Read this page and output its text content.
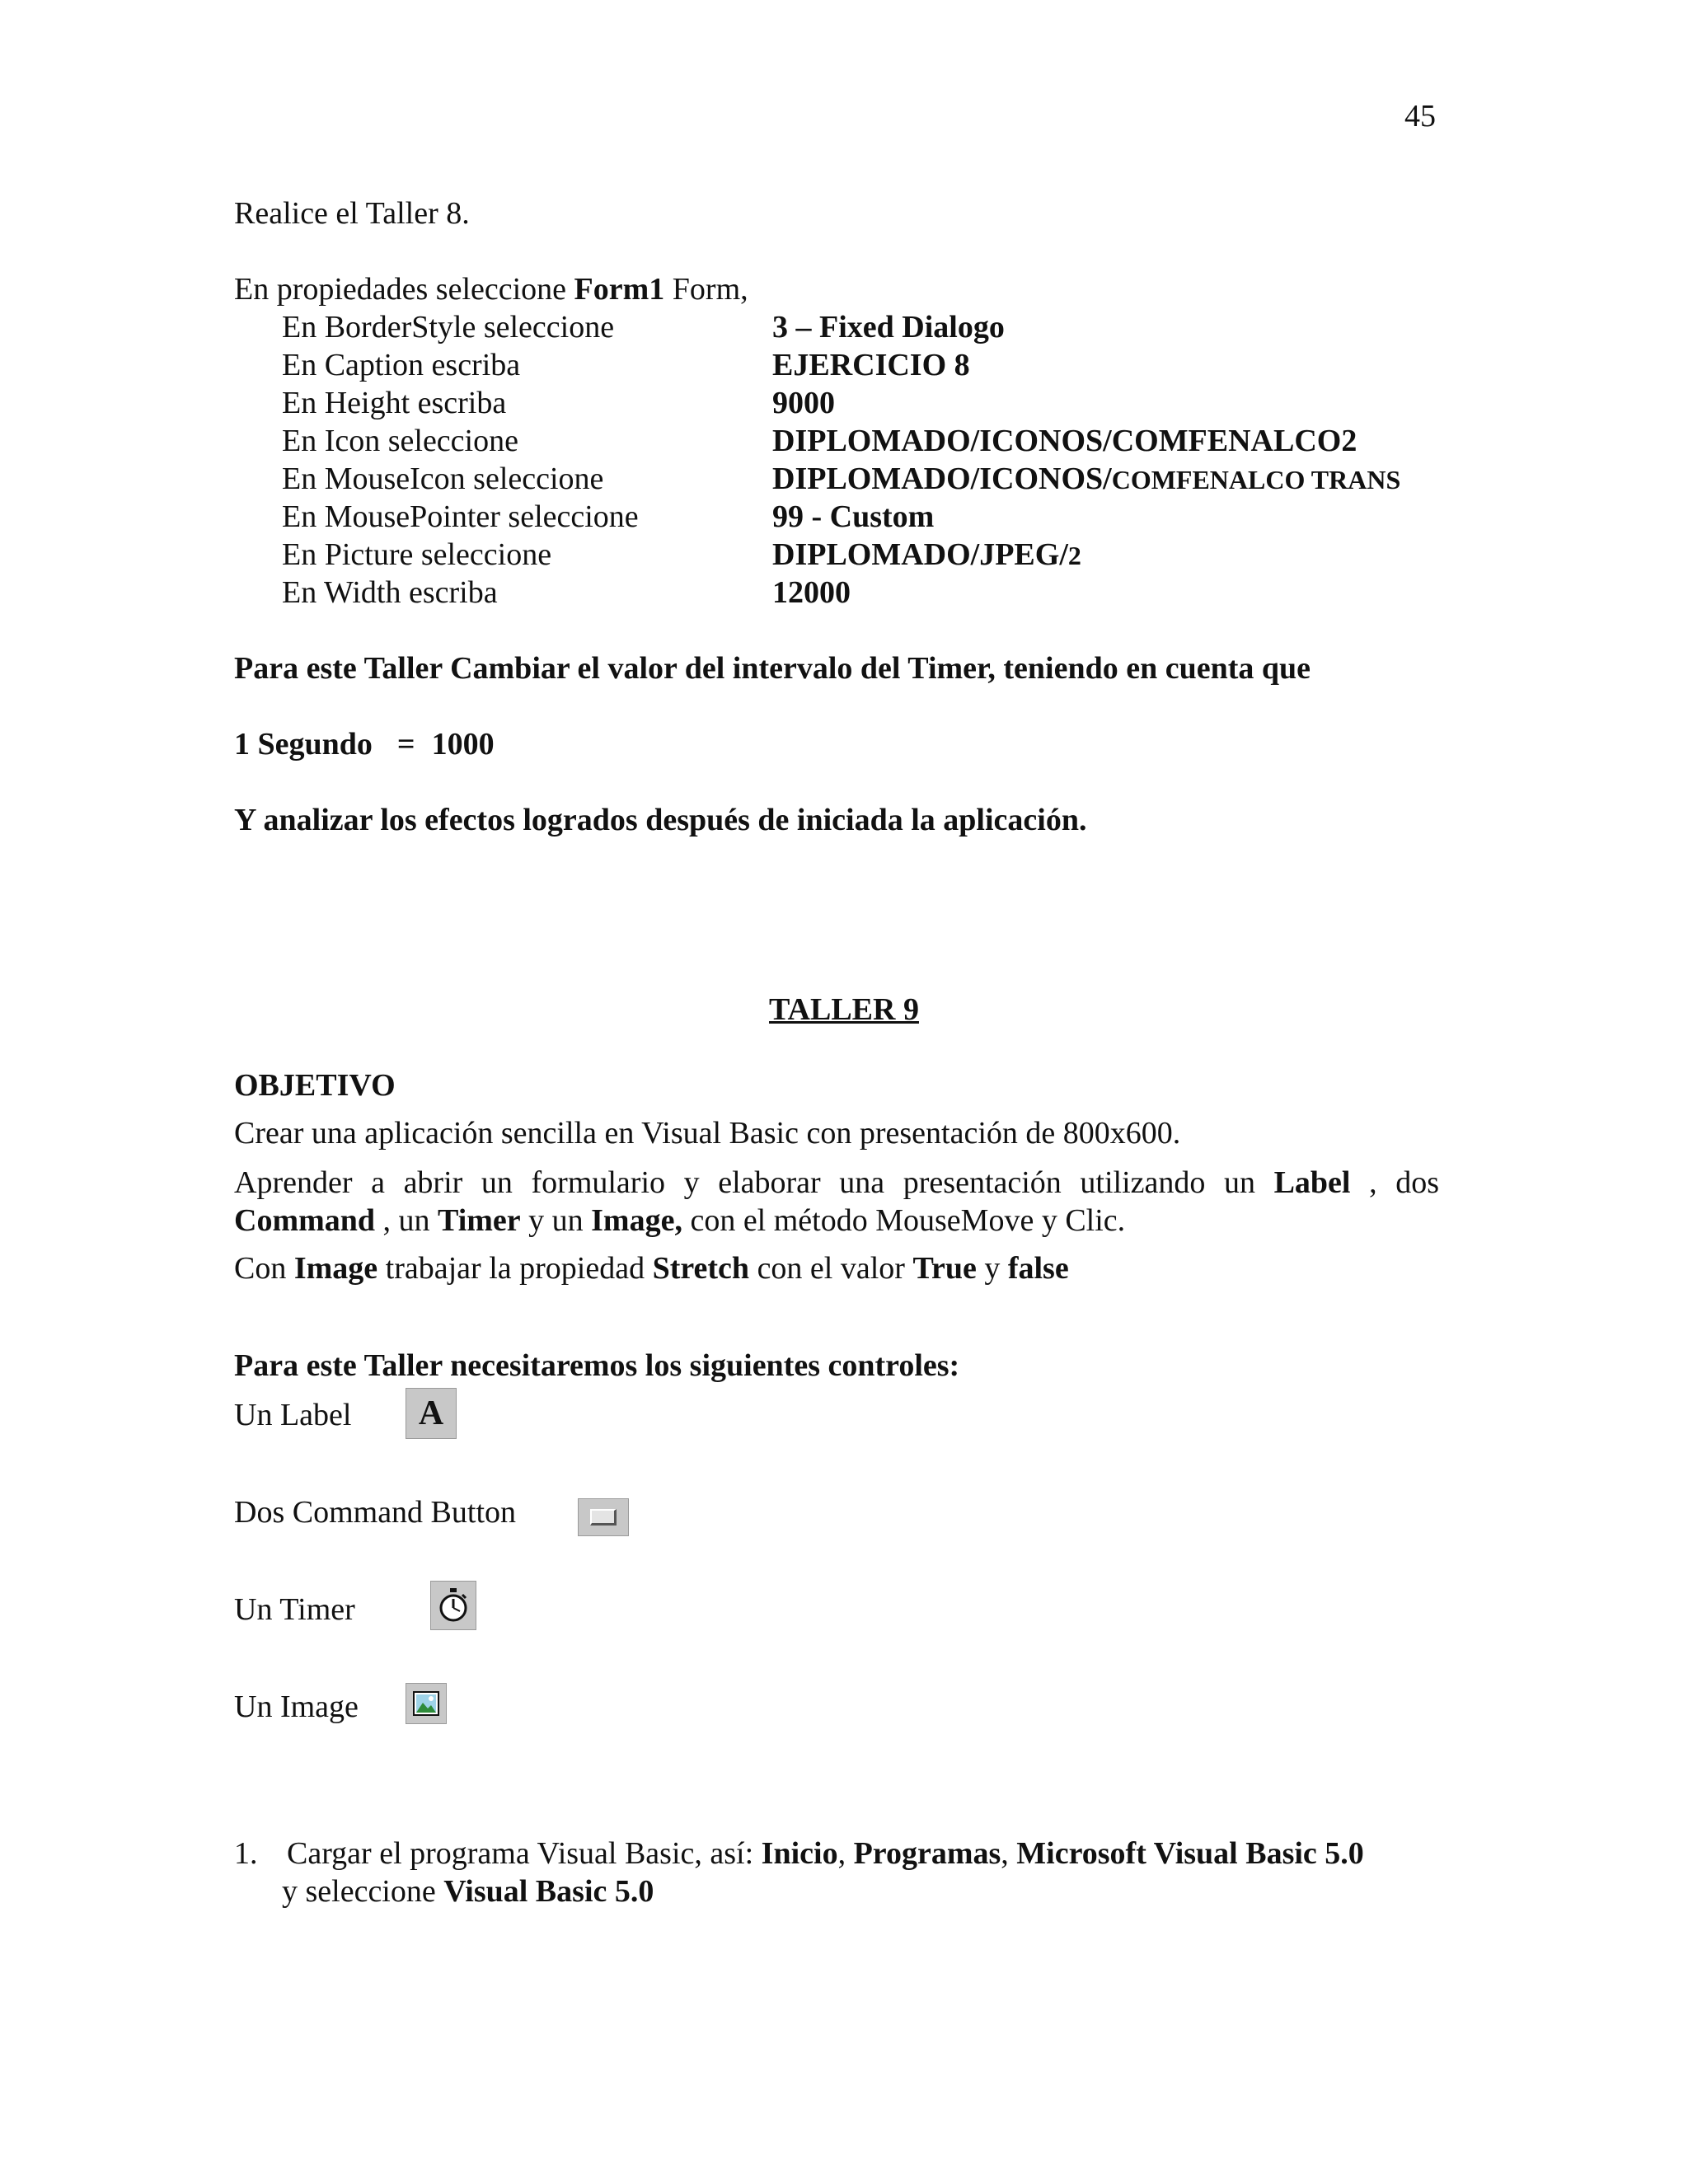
45
Realice el Taller 8.
En propiedades seleccione Form1 Form,
En BorderStyle seleccione	3 – Fixed Dialogo
En Caption escriba	EJERCICIO 8
En Height escriba	9000
En Icon seleccione	DIPLOMADO/ICONOS/COMFENALCO2
En MouseIcon seleccione	DIPLOMADO/ICONOS/COMFENALCO TRANS
En MousePointer seleccione	99 - Custom
En Picture seleccione	DIPLOMADO/JPEG/2
En Width escriba	12000
Para este Taller Cambiar el valor del intervalo del Timer, teniendo en cuenta que
1 Segundo = 1000
Y analizar los efectos logrados después de iniciada la aplicación.
TALLER 9
OBJETIVO
Crear una aplicación sencilla en Visual Basic con presentación de 800x600.
Aprender a abrir un formulario y elaborar una presentación utilizando un Label , dos Command , un Timer y un Image, con el método MouseMove y Clic.
Con Image trabajar la propiedad Stretch con el valor True y false
Para este Taller necesitaremos los siguientes controles:
Un Label A
Dos Command Button
Un Timer
Un Image
1. Cargar el programa Visual Basic, así: Inicio, Programas, Microsoft Visual Basic 5.0
y seleccione Visual Basic 5.0
